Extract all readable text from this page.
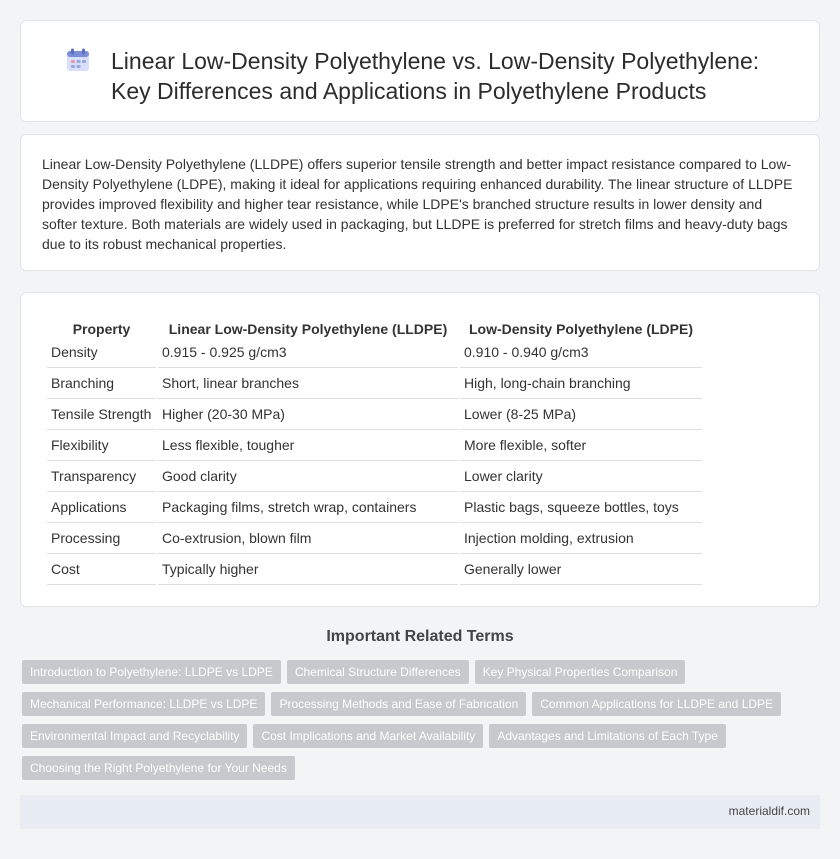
Linear Low-Density Polyethylene vs. Low-Density Polyethylene: Key Differences and Applications in Polyethylene Products

Linear Low-Density Polyethylene (LLDPE) offers superior tensile strength and better impact resistance compared to Low-Density Polyethylene (LDPE), making it ideal for applications requiring enhanced durability. The linear structure of LLDPE provides improved flexibility and higher tear resistance, while LDPE's branched structure results in lower density and softer texture. Both materials are widely used in packaging, but LLDPE is preferred for stretch films and heavy-duty bags due to its robust mechanical properties.

Property	Linear Low-Density Polyethylene (LLDPE)	Low-Density Polyethylene (LDPE)
Density	0.915 - 0.925 g/cm3	0.910 - 0.940 g/cm3
Branching	Short, linear branches	High, long-chain branching
Tensile Strength	Higher (20-30 MPa)	Lower (8-25 MPa)
Flexibility	Less flexible, tougher	More flexible, softer
Transparency	Good clarity	Lower clarity
Applications	Packaging films, stretch wrap, containers	Plastic bags, squeeze bottles, toys
Processing	Co-extrusion, blown film	Injection molding, extrusion
Cost	Typically higher	Generally lower
Important Related Terms
Introduction to Polyethylene: LLDPE vs LDPE	Chemical Structure Differences	Key Physical Properties Comparison
Mechanical Performance: LLDPE vs LDPE	Processing Methods and Ease of Fabrication	Common Applications for LLDPE and LDPE
Environmental Impact and Recyclability	Cost Implications and Market Availability	Advantages and Limitations of Each Type
Choosing the Right Polyethylene for Your Needs
materialdif.com
